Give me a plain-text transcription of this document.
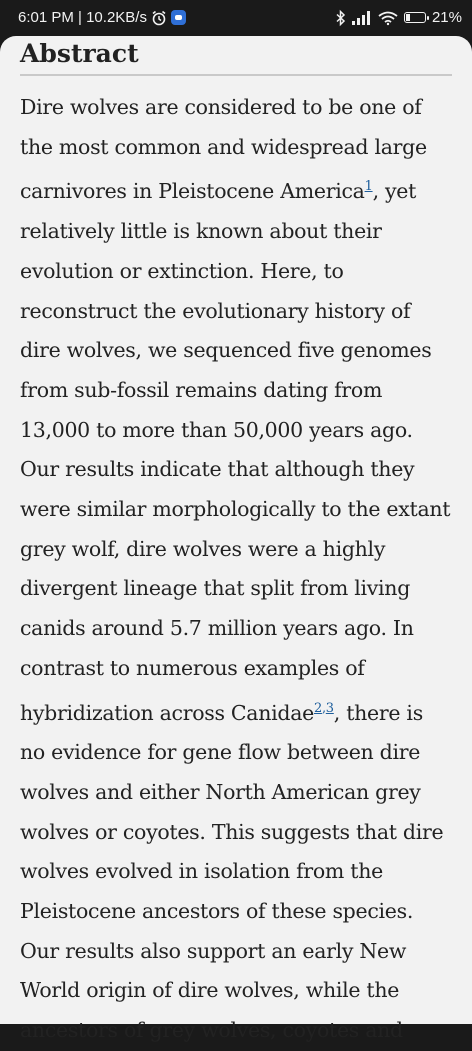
6:01 PM | 10.2KB/s	21%
Abstract

Dire wolves are considered to be one of
the most common and widespread large
carnivores in Pleistocene America$^1$, yet
relatively little is known about their
evolution or extinction. Here, to
reconstruct the evolutionary history of
dire wolves, we sequenced five genomes
from sub-fossil remains dating from
13,000 to more than 50,000 years ago.
Our results indicate that although they
were similar morphologically to the extant
grey wolf, dire wolves were a highly
divergent lineage that split from living
canids around 5.7 million years ago. In
contrast to numerous examples of
hybridization across Canidae$^{2,3}$, there is
no evidence for gene flow between dire
wolves and either North American grey
wolves or coyotes. This suggests that dire
wolves evolved in isolation from the
Pleistocene ancestors of these species.
Our results also support an early New
World origin of dire wolves, while the
ancestors of grey wolves, coyotes and
